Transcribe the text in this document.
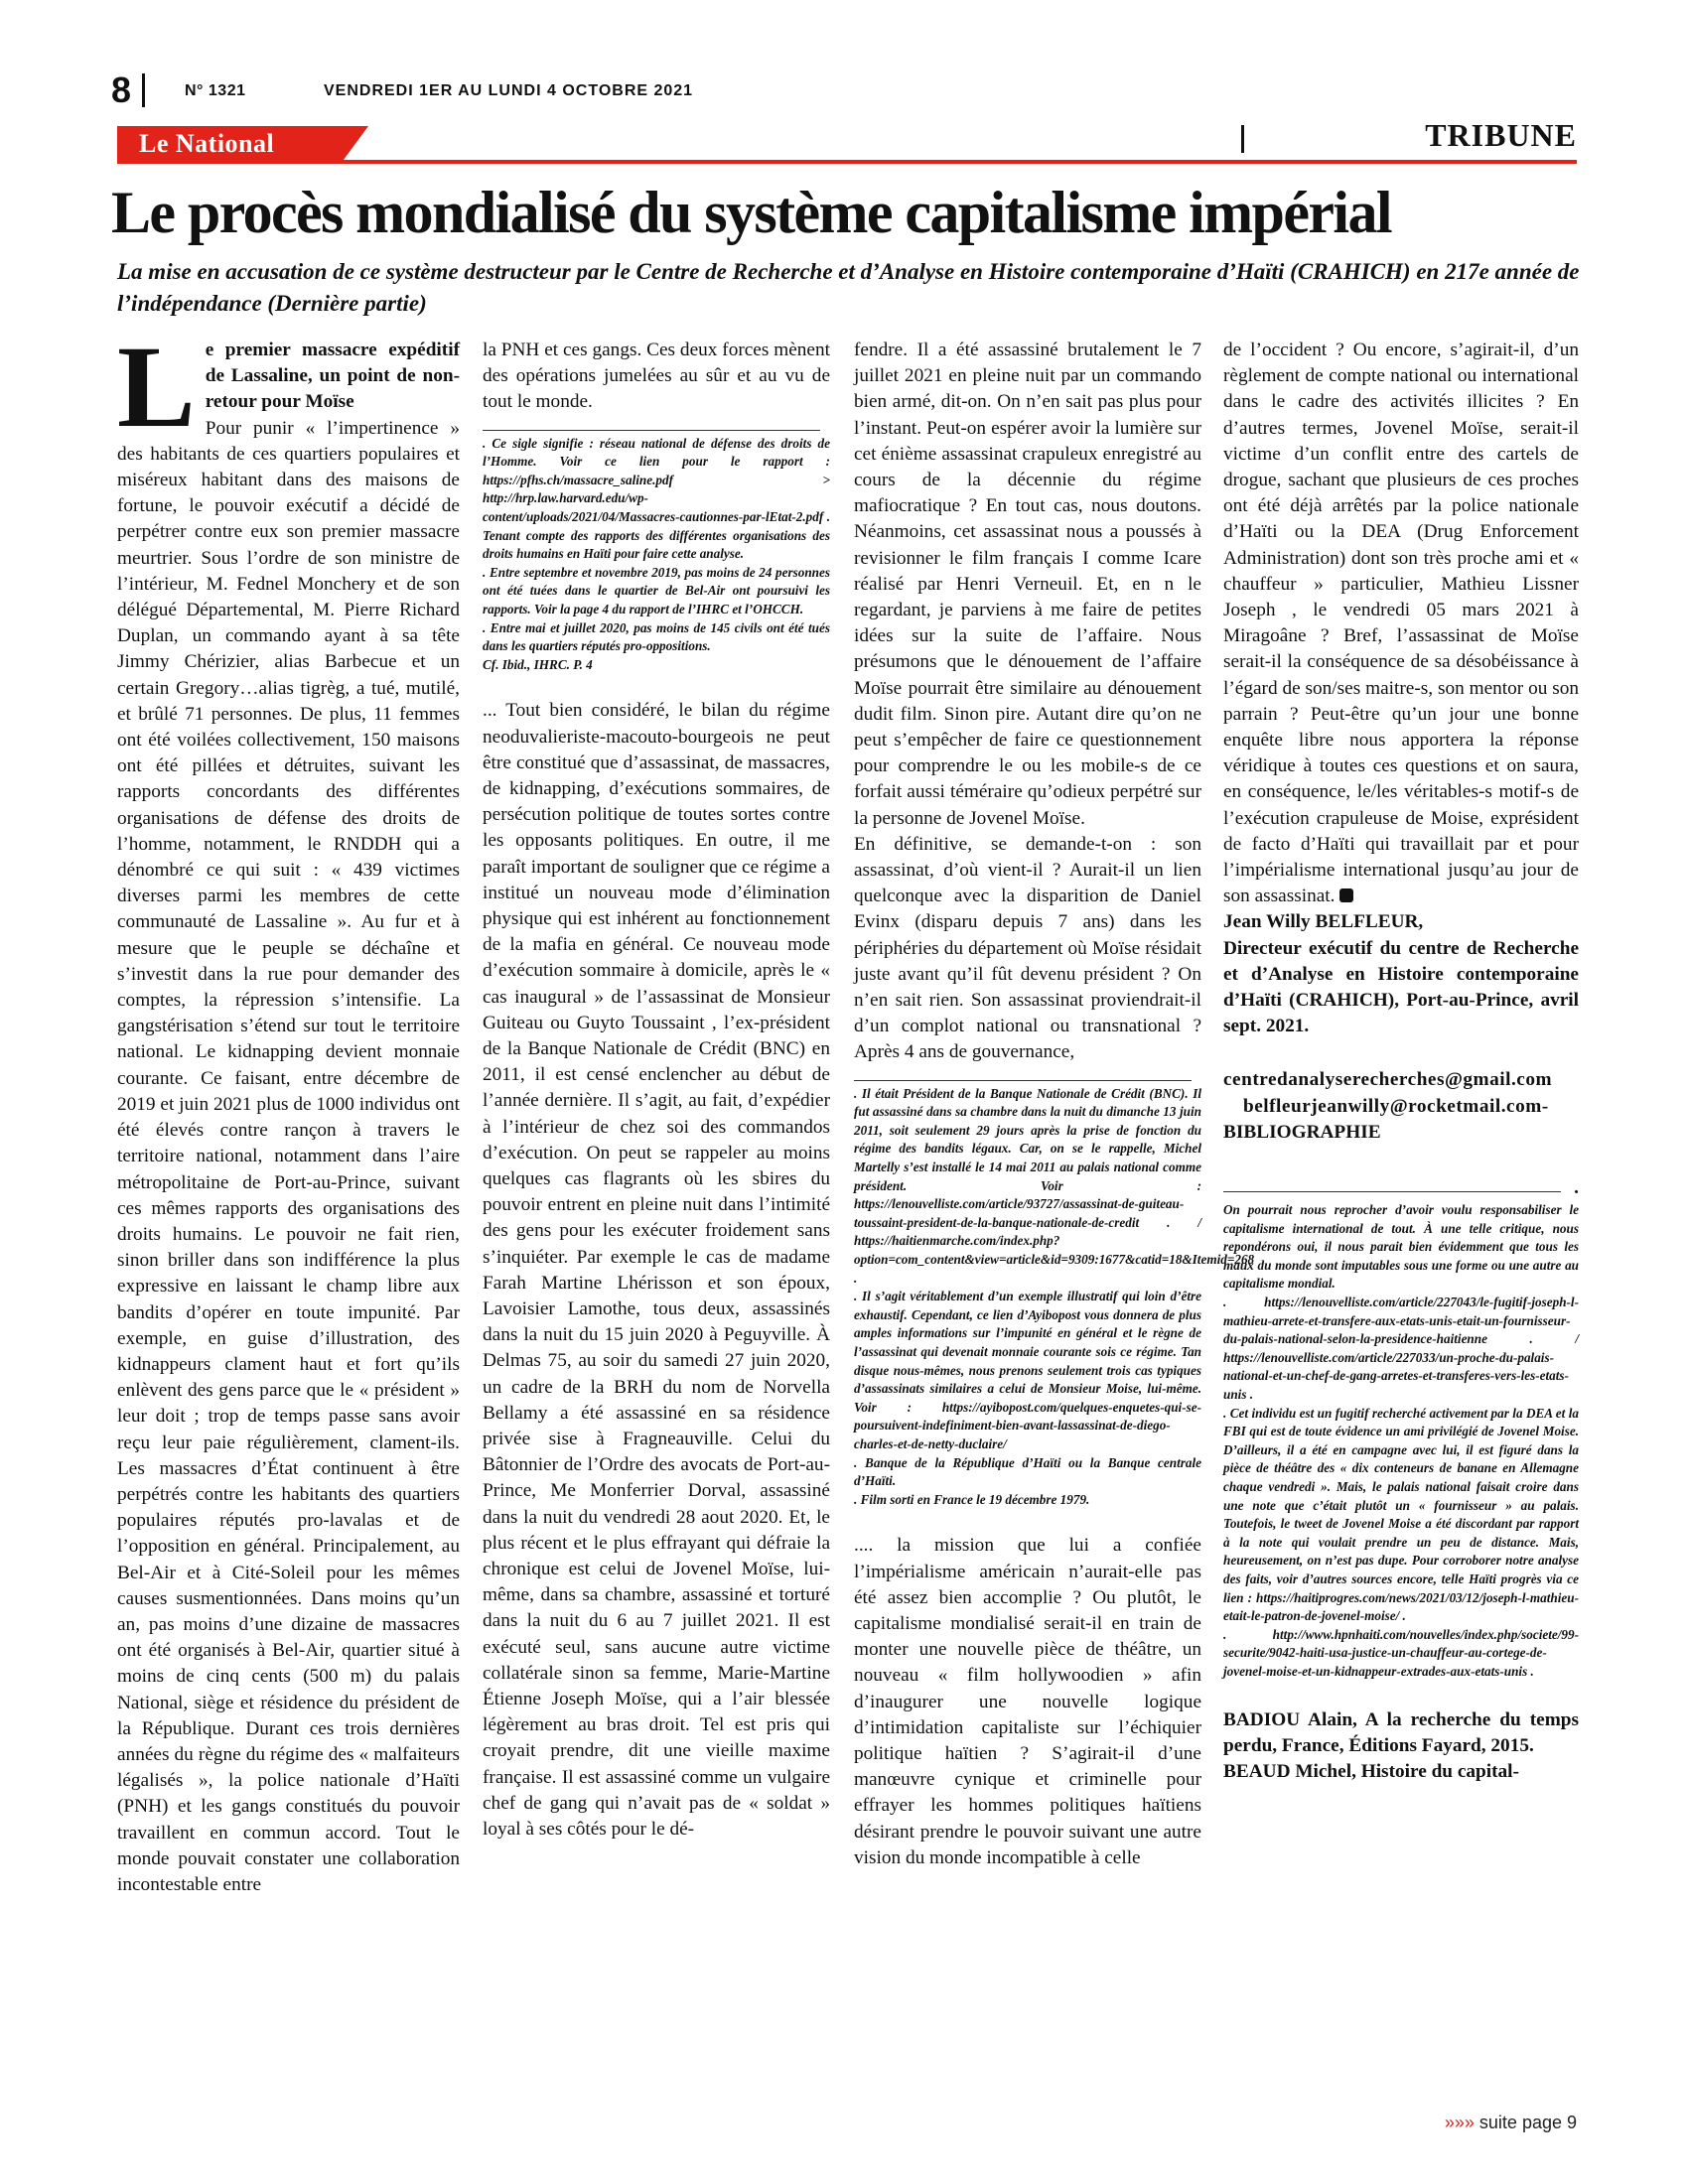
8	N° 1321	VENDREDI 1ER AU LUNDI 4 OCTOBRE 2021
Le National	TRIBUNE
Le procès mondialisé du système capitalisme impérial
La mise en accusation de ce système destructeur par le Centre de Recherche et d’Analyse en Histoire contemporaine d’Haïti (CRAHICH) en 217e année de l’indépendance (Dernière partie)
L e premier massacre expéditif de Lassaline, un point de non-retour pour Moïse
Pour punir « l’impertinence » des habitants de ces quartiers populaires et miséreux habitant dans des maisons de fortune, le pouvoir exécutif a décidé de perpétrer contre eux son premier massacre meurtrier. Sous l’ordre de son ministre de l’intérieur, M. Fednel Monchery et de son délégué Départemental, M. Pierre Richard Duplan, un commando ayant à sa tête Jimmy Chérizier, alias Barbecue et un certain Gregory…alias tigrèg, a tué, mutilé, et brûlé 71 personnes. De plus, 11 femmes ont été voilées collectivement, 150 maisons ont été pillées et détruites, suivant les rapports concordants des différentes organisations de défense des droits de l’homme, notamment, le RNDDH qui a dénombré ce qui suit : « 439 victimes diverses parmi les membres de cette communauté de Lassaline ». Au fur et à mesure que le peuple se déchaîne et s’investit dans la rue pour demander des comptes, la répression s’intensifie. La gangstérisation s’étend sur tout le territoire national. Le kidnapping devient monnaie courante. Ce faisant, entre décembre de 2019 et juin 2021 plus de 1000 individus ont été élevés contre rançon à travers le territoire national, notamment dans l’aire métropolitaine de Port-au-Prince, suivant ces mêmes rapports des organisations des droits humains. Le pouvoir ne fait rien, sinon briller dans son indifférence la plus expressive en laissant le champ libre aux bandits d’opérer en toute impunité. Par exemple, en guise d’illustration, des kidnappeurs clament haut et fort qu’ils enlèvent des gens parce que le « président » leur doit ; trop de temps passe sans avoir reçu leur paie régulièrement, clament-ils. Les massacres d’État continuent à être perpétrés contre les habitants des quartiers populaires réputés pro-lavalas et de l’opposition en général. Principalement, au Bel-Air et à Cité-Soleil pour les mêmes causes susmentionnées. Dans moins qu’un an, pas moins d’une dizaine de massacres ont été organisés à Bel-Air, quartier situé à moins de cinq cents (500 m) du palais National, siège et résidence du président de la République. Durant ces trois dernières années du règne du régime des « malfaiteurs légalisés », la police nationale d’Haïti (PNH) et les gangs constitués du pouvoir travaillent en commun accord. Tout le monde pouvait constater une collaboration incontestable entre

la PNH et ces gangs. Ces deux forces mènent des opérations jumelées au sûr et au vu de tout le monde.

. Ce sigle signifie : réseau national de défense des droits de l’Homme. Voir ce lien pour le rapport : https://pfhs.ch/massacre_saline.pdf > http://hrp.law.harvard.edu/wp-content/uploads/2021/04/Massacres-cautionnes-par-lEtat-2.pdf . Tenant compte des rapports des différentes organisations des droits humains en Haïti pour faire cette analyse.

. Entre septembre et novembre 2019, pas moins de 24 personnes ont été tuées dans le quartier de Bel-Air ont poursuivi les rapports. Voir la page 4 du rapport de l’IHRC et l’OHCCH.

. Entre mai et juillet 2020, pas moins de 145 civils ont été tués dans les quartiers réputés pro-oppositions.

Cf. Ibid., IHRC. P. 4

... Tout bien considéré, le bilan du régime neoduvalieriste-macouto-bourgeois ne peut être constitué que d’assassinat, de massacres, de kidnapping, d’exécutions sommaires, de persécution politique de toutes sortes contre les opposants politiques. En outre, il me paraît important de souligner que ce régime a institué un nouveau mode d’élimination physique qui est inhérent au fonctionnement de la mafia en général. Ce nouveau mode d’exécution sommaire à domicile, après le « cas inaugural » de l’assassinat de Monsieur Guiteau ou Guyto Toussaint , l’ex-président de la Banque Nationale de Crédit (BNC) en 2011, il est censé enclencher au début de l’année dernière. Il s’agit, au fait, d’expédier à l’intérieur de chez soi des commandos d’exécution. On peut se rappeler au moins quelques cas flagrants où les sbires du pouvoir entrent en pleine nuit dans l’intimité des gens pour les exécuter froidement sans s’inquiéter. Par exemple le cas de madame Farah Martine Lhérisson et son époux, Lavoisier Lamothe, tous deux, assassinés dans la nuit du 15 juin 2020 à Peguyville. À Delmas 75, au soir du samedi 27 juin 2020, un cadre de la BRH du nom de Norvella Bellamy a été assassiné en sa résidence privée sise à Fragneauville. Celui du Bâtonnier de l’Ordre des avocats de Port-au-Prince, Me Monferrier Dorval, assassiné dans la nuit du vendredi 28 aout 2020. Et, le plus récent et le plus effrayant qui défraie la chronique est celui de Jovenel Moïse, lui- même, dans sa chambre, assassiné et torturé dans la nuit du 6 au 7 juillet 2021. Il est exécuté seul, sans aucune autre victime collatérale sinon sa femme, Marie-Martine Étienne Joseph Moïse, qui a l’air blessée légèrement au bras droit. Tel est pris qui croyait prendre, dit une vieille maxime française. Il est assassiné comme un vulgaire chef de gang qui n’avait pas de « soldat » loyal à ses côtés pour le dé-

fendre. Il a été assassiné brutalement le 7 juillet 2021 en pleine nuit par un commando bien armé, dit-on. On n’en sait pas plus pour l’instant. Peut-on espérer avoir la lumière sur cet énième assassinat crapuleux enregistré au cours de la décennie du régime mafiocratique ? En tout cas, nous doutons. Néanmoins, cet assassinat nous a poussés à revisionner le film français I comme Icare réalisé par Henri Verneuil. Et, en n le regardant, je parviens à me faire de petites idées sur la suite de l’affaire. Nous présumons que le dénouement de l’affaire Moïse pourrait être similaire au dénouement dudit film. Sinon pire. Autant dire qu’on ne peut s’empêcher de faire ce questionnement pour comprendre le ou les mobile-s de ce forfait aussi téméraire qu’odieux perpétré sur la personne de Jovenel Moïse.

En définitive, se demande-t-on : son assassinat, d’où vient-il ? Aurait-il un lien quelconque avec la disparition de Daniel Evinx (disparu depuis 7 ans) dans les périphéries du département où Moïse résidait juste avant qu’il fût devenu président ? On n’en sait rien. Son assassinat proviendrait-il d’un complot national ou transnational ? Après 4 ans de gouvernance,

. Il était Président de la Banque Nationale de Crédit (BNC). Il fut assassiné dans sa chambre dans la nuit du dimanche 13 juin 2011, soit seulement 29 jours après la prise de fonction du régime des bandits légaux. Car, on se le rappelle, Michel Martelly s’est installé le 14 mai 2011 au palais national comme président. Voir : https://lenouvelliste.com/article/93727/assassinat-de-guiteau-toussaint-president-de-la-banque-nationale-de-credit . / https://haitienmarche.com/index.php?option=com_content&view=article&id=9309:1677&catid=18&Itemid=268 .

. Il s’agit véritablement d’un exemple illustratif qui loin d’être exhaustif. Cependant, ce lien d’Ayibopost vous donnera de plus amples informations sur l’impunité en général et le règne de l’assassinat qui devenait monnaie courante sois ce régime. Tan disque nous-mêmes, nous prenons seulement trois cas typiques d’assassinats similaires a celui de Monsieur Moise, lui-même. Voir : https://ayibopost.com/quelques-enquetes-qui-se-poursuivent-indefiniment-bien-avant-lassassinat-de-diego-charles-et-de-netty-duclaire/

. Banque de la République d’Haïti ou la Banque centrale d’Haïti.

. Film sorti en France le 19 décembre 1979.

.... la mission que lui a confiée l’impérialisme américain n’aurait-elle pas été assez bien accomplie ? Ou plutôt, le capitalisme mondialisé serait-il en train de monter une nouvelle pièce de théâtre, un nouveau « film hollywoodien » afin d’inaugurer une nouvelle logique d’intimidation capitaliste sur l’échiquier politique haïtien ? S’agirait-il d’une manœuvre cynique et criminelle pour effrayer les hommes politiques haïtiens désirant prendre le pouvoir suivant une autre vision du monde incompatible à celle

de l’occident ? Ou encore, s’agirait-il, d’un règlement de compte national ou international dans le cadre des activités illicites ? En d’autres termes, Jovenel Moïse, serait-il victime d’un conflit entre des cartels de drogue, sachant que plusieurs de ces proches ont été déjà arrêtés par la police nationale d’Haïti ou la DEA (Drug Enforcement Administration) dont son très proche ami et « chauffeur » particulier, Mathieu Lissner Joseph , le vendredi 05 mars 2021 à Miragoâne ? Bref, l’assassinat de Moïse serait-il la conséquence de sa désobéissance à l’égard de son/ses maitre-s, son mentor ou son parrain ? Peut-être qu’un jour une bonne enquête libre nous apportera la réponse véridique à toutes ces questions et on saura, en conséquence, le/les véritables-s motif-s de l’exécution crapuleuse de Moise, exprésident de facto d’Haïti qui travaillait par et pour l’impérialisme international jusqu’au jour de son assassinat.

Jean Willy BELFLEUR,

Directeur exécutif du centre de Recherche et d’Analyse en Histoire contemporaine d’Haïti (CRAHICH), Port-au-Prince, avril sept. 2021.

centredanalyserecherches@gmail.com

belfleurjeanwilly@rocketmail.com-

BIBLIOGRAPHIE

.

On pourrait nous reprocher d’avoir voulu responsabiliser le capitalisme international de tout. À une telle critique, nous repondérons oui, il nous parait bien évidemment que tous les maux du monde sont imputables sous une forme ou une autre au capitalisme mondial.

. https://lenouvelliste.com/article/227043/le-fugitif-joseph-l-mathieu-arrete-et-transfere-aux-etats-unis-etait-un-fournisseur-du-palais-national-selon-la-presidence-haitienne . / https://lenouvelliste.com/article/227033/un-proche-du-palais-national-et-un-chef-de-gang-arretes-et-transferes-vers-les-etats-unis .

. Cet individu est un fugitif recherché activement par la DEA et la FBI qui est de toute évidence un ami privilégié de Jovenel Moise. D’ailleurs, il a été en campagne avec lui, il est figuré dans la pièce de théâtre des « dix conteneurs de banane en Allemagne chaque vendredi ». Mais, le palais national faisait croire dans une note que c’était plutôt un « fournisseur » au palais. Toutefois, le tweet de Jovenel Moise a été discordant par rapport à la note qui voulait prendre un peu de distance. Mais, heureusement, on n’est pas dupe. Pour corroborer notre analyse des faits, voir d’autres sources encore, telle Haïti progrès via ce lien : https://haitiprogres.com/news/2021/03/12/joseph-l-mathieu-etait-le-patron-de-jovenel-moise/ .

. http://www.hpnhaiti.com/nouvelles/index.php/societe/99-securite/9042-haiti-usa-justice-un-chauffeur-au-cortege-de-jovenel-moise-et-un-kidnappeur-extrades-aux-etats-unis .

BADIOU Alain, A la recherche du temps perdu, France, Éditions Fayard, 2015.

BEAUD Michel, Histoire du capital-

»»» suite page 9
